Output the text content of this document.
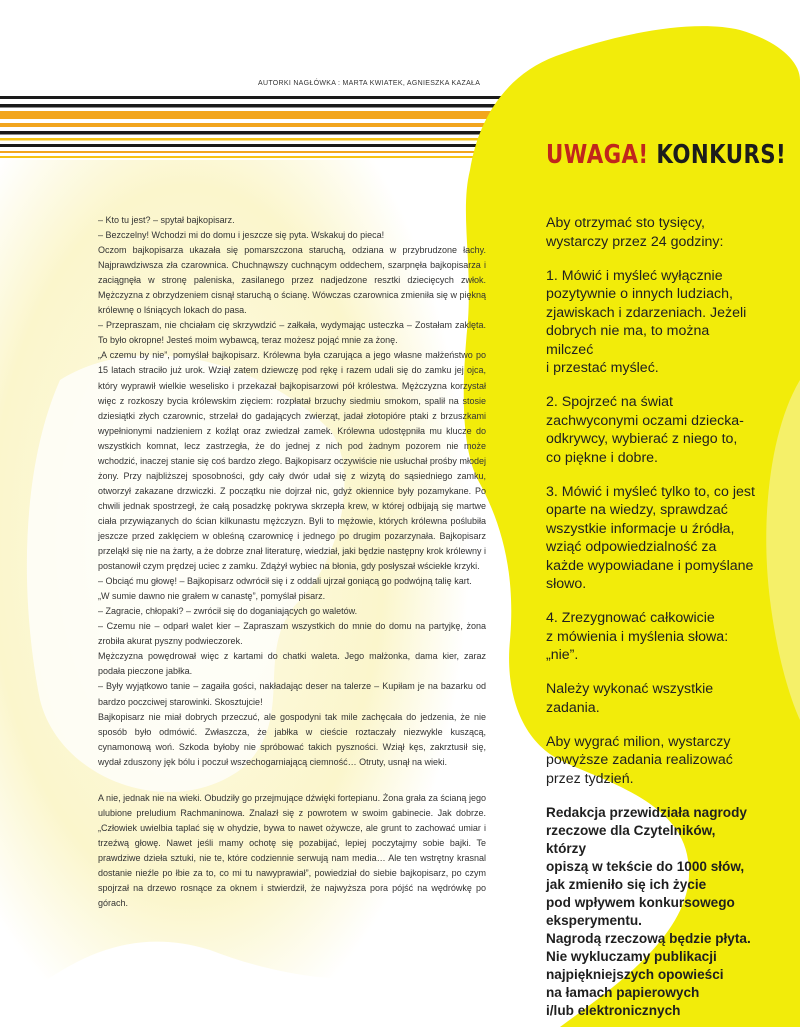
AUTORKI NAGŁÓWKA : MARTA KWIATEK, AGNIESZKA KAZAŁA
UWAGA! KONKURS!

– Kto tu jest? – spytał bajkopisarz.

– Bezczelny! Wchodzi mi do domu i jeszcze się pyta. Wskakuj do pieca!

Oczom bajkopisarza ukazała się pomarszczona staruchą, odziana w przybrudzone łachy. Najprawdziwsza zła czarownica. Chuchnąwszy cuchnącym oddechem, szarpnęła bajkopisarza i zaciągnęła w stronę paleniska, zasilanego przez nadjedzone resztki dziecięcych zwłok. Mężczyzna z obrzydzeniem cisnął staruchą o ścianę. Wówczas czarownica zmieniła się w piękną królewnę o lśniących lokach do pasa.

– Przepraszam, nie chciałam cię skrzywdzić – załkała, wydymając usteczka – Zostałam zaklęta. To było okropne! Jesteś moim wybawcą, teraz możesz pojąć mnie za żonę.

„A czemu by nie”, pomyślał bajkopisarz. Królewna była czarująca a jego własne małżeństwo po 15 latach straciło już urok. Wziął zatem dziewczę pod rękę i razem udali się do zamku jej ojca, który wyprawił wielkie weselisko i przekazał bajkopisarzowi pół królestwa. Mężczyzna korzystał więc z rozkoszy bycia królewskim zięciem: rozpłatał brzuchy siedmiu smokom, spalił na stosie dziesiątki złych czarownic, strzelał do gadających zwierząt, jadał złotopióre ptaki z brzuszkami wypełnionymi nadzieniem z koźląt oraz zwiedzał zamek. Królewna udostępniła mu klucze do wszystkich komnat, lecz zastrzegła, że do jednej z nich pod żadnym pozorem nie może wchodzić, inaczej stanie się coś bardzo złego. Bajkopisarz oczywiście nie usłuchał prośby młodej żony. Przy najbliższej sposobności, gdy cały dwór udał się z wizytą do sąsiedniego zamku, otworzył zakazane drzwiczki. Z początku nie dojrzał nic, gdyż okiennice były pozamykane. Po chwili jednak spostrzegł, że całą posadzkę pokrywa skrzepła krew, w której odbijają się martwe ciała przywiązanych do ścian kilkunastu mężczyzn. Byli to mężowie, których królewna poślubiła jeszcze przed zaklęciem w obleśną czarownicę i jednego po drugim pozarzynała. Bajkopisarz przeląkł się nie na żarty, a że dobrze znał literaturę, wiedział, jaki będzie następny krok królewny i postanowił czym prędzej uciec z zamku. Zdążył wybiec na błonia, gdy posłyszał wściekłe krzyki.

– Obciąć mu głowę! – Bajkopisarz odwrócił się i z oddali ujrzał goniącą go podwójną talię kart.

„W sumie dawno nie grałem w canastę”, pomyślał pisarz.

– Zagracie, chłopaki? – zwrócił się do doganiających go waletów.

– Czemu nie – odparł walet kier – Zapraszam wszystkich do mnie do domu na partyjkę, żona zrobiła akurat pyszny podwieczorek.

Mężczyzna powędrował więc z kartami do chatki waleta. Jego małżonka, dama kier, zaraz podała pieczone jabłka.

– Były wyjątkowo tanie – zagaiła gości, nakładając deser na talerze – Kupiłam je na bazarku od bardzo poczciwej starowinki. Skosztujcie!

Bajkopisarz nie miał dobrych przeczuć, ale gospodyni tak mile zachęcała do jedzenia, że nie sposób było odmówić. Zwłaszcza, że jabłka w cieście roztaczały niezwykle kuszącą, cynamonową woń. Szkoda byłoby nie spróbować takich pyszności. Wziął kęs, zakrztusił się, wydał zduszony jęk bólu i poczuł wszechogarniającą ciemność… Otruty, usnął na wieki.

A nie, jednak nie na wieki. Obudziły go przejmujące dźwięki fortepianu. Żona grała za ścianą jego ulubione preludium Rachmaninowa. Znalazł się z powrotem w swoim gabinecie. Jak dobrze. „Człowiek uwielbia taplać się w ohydzie, bywa to nawet ożywcze, ale grunt to zachować umiar i trzeźwą głowę. Nawet jeśli mamy ochotę się pozabijać, lepiej poczytajmy sobie bajki. Te prawdziwe dzieła sztuki, nie te, które codziennie serwują nam media… Ale ten wstrętny krasnal dostanie nieźle po łbie za to, co mi tu nawyprawiał”, powiedział do siebie bajkopisarz, po czym spojrzał na drzewo rosnące za oknem i stwierdził, że najwyższa pora pójść na wędrówkę po górach.

Aby otrzymać sto tysięcy, wystarczy przez 24 godziny:

1. Mówić i myśleć wyłącznie pozytywnie o innych ludziach, zjawiskach i zdarzeniach. Jeżeli dobrych nie ma, to można milczeć
i przestać myśleć.

2. Spojrzeć na świat zachwyconymi oczami dziecka-odkrywcy, wybierać z niego to, co piękne i dobre.

3. Mówić i myśleć tylko to, co jest oparte na wiedzy, sprawdzać wszystkie informacje u źródła, wziąć odpowiedzialność za każde wypowiadane i pomyślane słowo.

4. Zrezygnować całkowicie
z mówienia i myślenia słowa: „nie”.

Należy wykonać wszystkie zadania.

Aby wygrać milion, wystarczy powyższe zadania realizować przez tydzień.

Redakcja przewidziała nagrody
rzeczowe dla Czytelników, którzy
opiszą w tekście do 1000 słów,
jak zmieniło się ich życie
pod wpływem konkursowego
eksperymentu.
Nagrodą rzeczową będzie płyta.
Nie wykluczamy publikacji
najpiękniejszych opowieści
na łamach papierowych
i/lub elektronicznych
